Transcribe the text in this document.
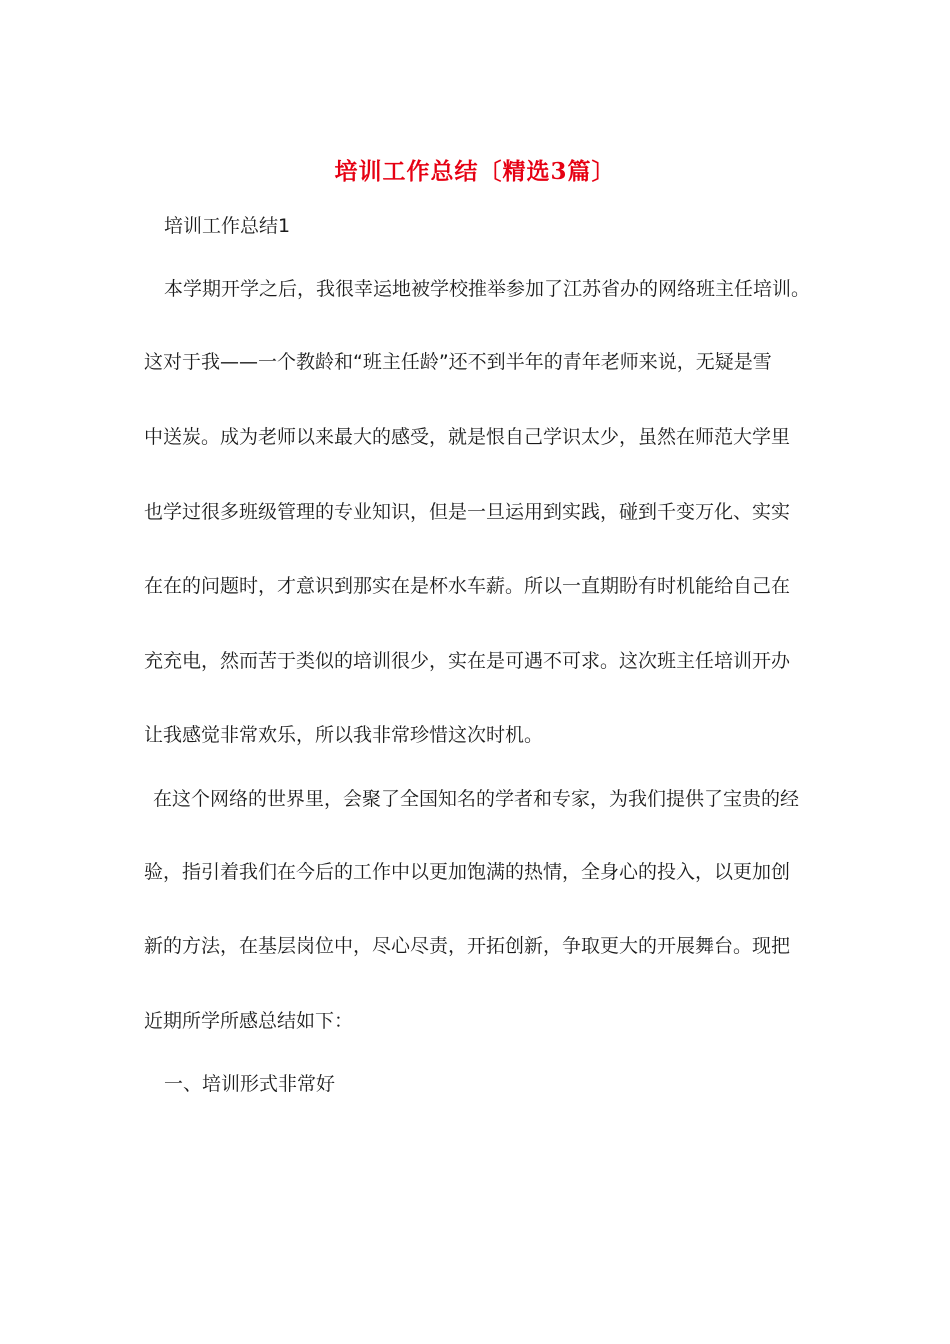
培训工作总结〔精选3篇〕
培训工作总结1
本学期开学之后，我很幸运地被学校推举参加了江苏省办的网络班主任培训。
这对于我——一个教龄和“班主任龄”还不到半年的青年老师来说，无疑是雪
中送炭。成为老师以来最大的感受，就是恨自己学识太少，虽然在师范大学里
也学过很多班级管理的专业知识，但是一旦运用到实践，碰到千变万化、实实
在在的问题时，才意识到那实在是杯水车薪。所以一直期盼有时机能给自己在
充充电，然而苦于类似的培训很少，实在是可遇不可求。这次班主任培训开办
让我感觉非常欢乐，所以我非常珍惜这次时机。
在这个网络的世界里，会聚了全国知名的学者和专家，为我们提供了宝贵的经
验，指引着我们在今后的工作中以更加饱满的热情，全身心的投入，以更加创
新的方法，在基层岗位中，尽心尽责，开拓创新，争取更大的开展舞台。现把
近期所学所感总结如下：
一、培训形式非常好
